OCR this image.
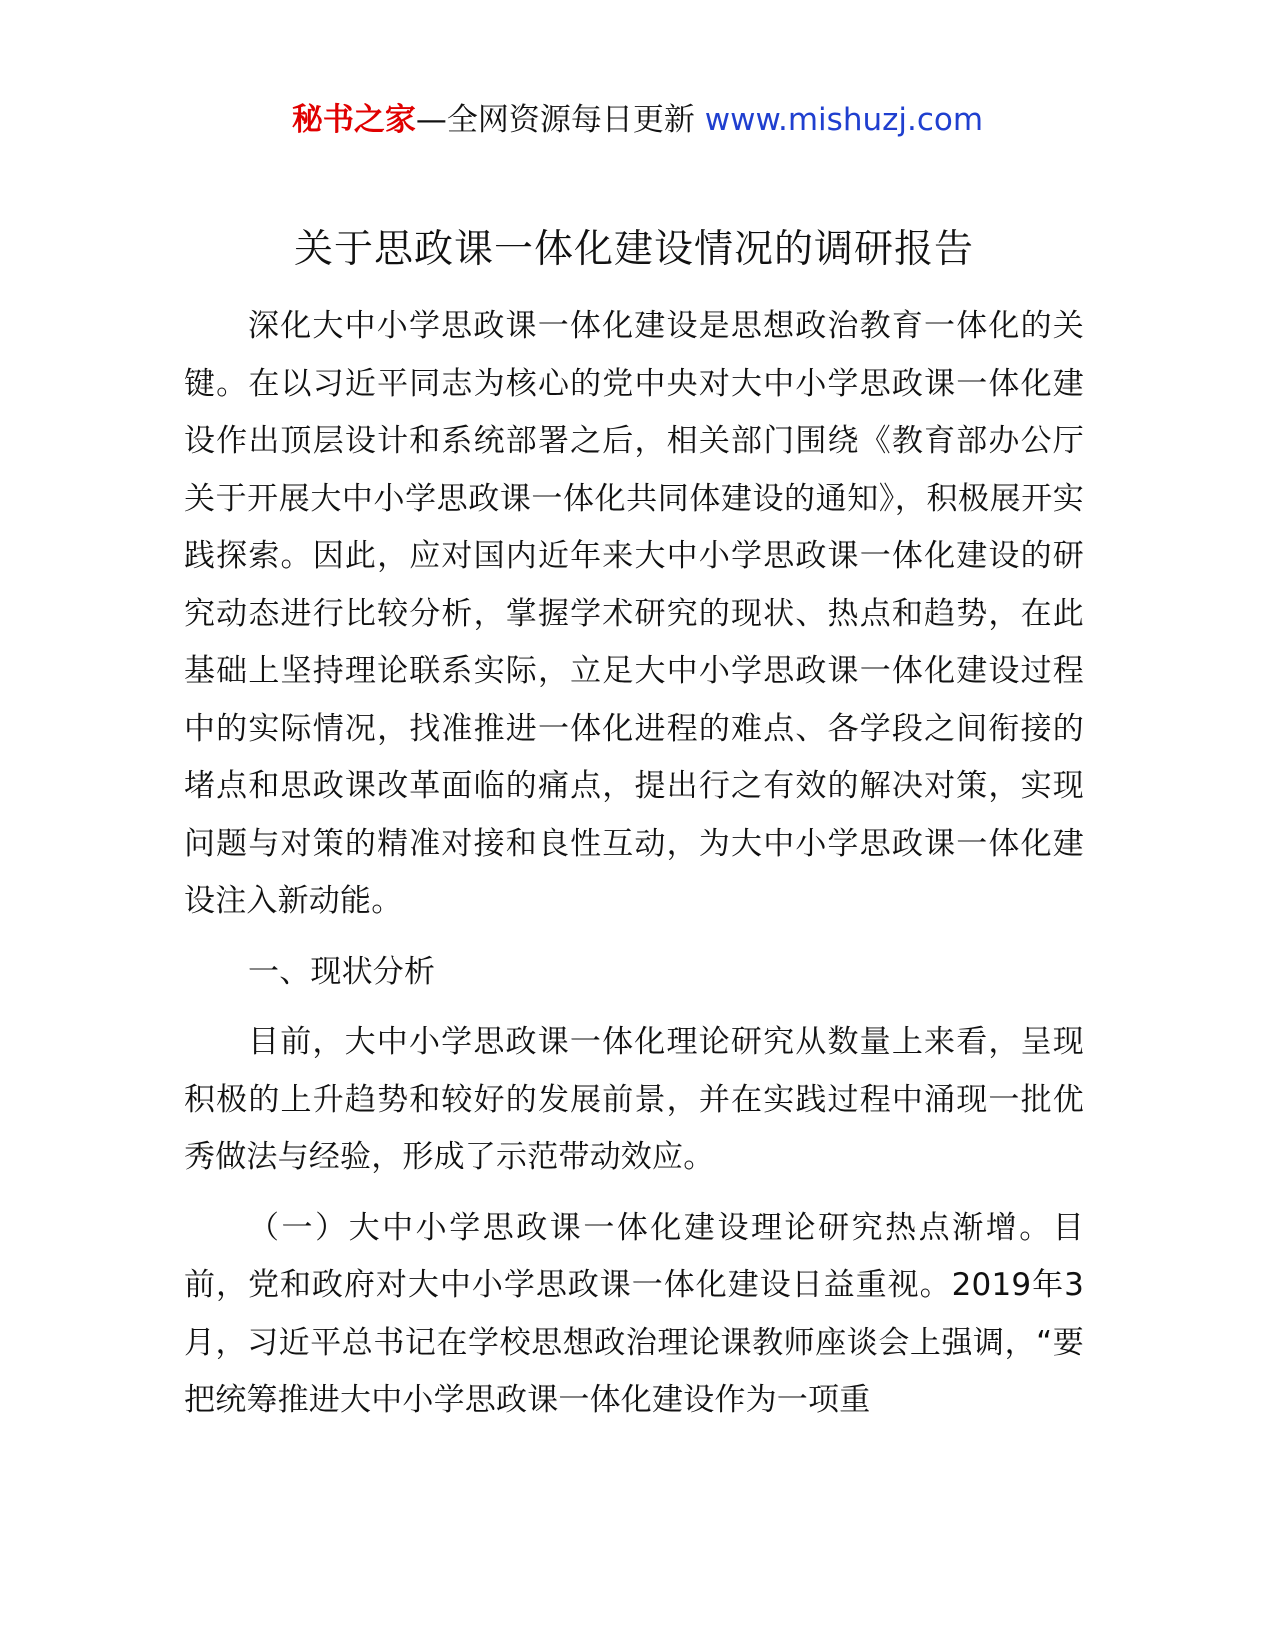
秘书之家—全网资源每日更新 www.mishuzj.com
关于思政课一体化建设情况的调研报告

深化大中小学思政课一体化建设是思想政治教育一体化的关键。在以习近平同志为核心的党中央对大中小学思政课一体化建设作出顶层设计和系统部署之后，相关部门围绕《教育部办公厅关于开展大中小学思政课一体化共同体建设的通知》，积极展开实践探索。因此，应对国内近年来大中小学思政课一体化建设的研究动态进行比较分析，掌握学术研究的现状、热点和趋势，在此基础上坚持理论联系实际，立足大中小学思政课一体化建设过程中的实际情况，找准推进一体化进程的难点、各学段之间衔接的堵点和思政课改革面临的痛点，提出行之有效的解决对策，实现问题与对策的精准对接和良性互动，为大中小学思政课一体化建设注入新动能。

一、现状分析

目前，大中小学思政课一体化理论研究从数量上来看，呈现积极的上升趋势和较好的发展前景，并在实践过程中涌现一批优秀做法与经验，形成了示范带动效应。

（一）大中小学思政课一体化建设理论研究热点渐增。目前，党和政府对大中小学思政课一体化建设日益重视。2019年3月，习近平总书记在学校思想政治理论课教师座谈会上强调，“要把统筹推进大中小学思政课一体化建设作为一项重
